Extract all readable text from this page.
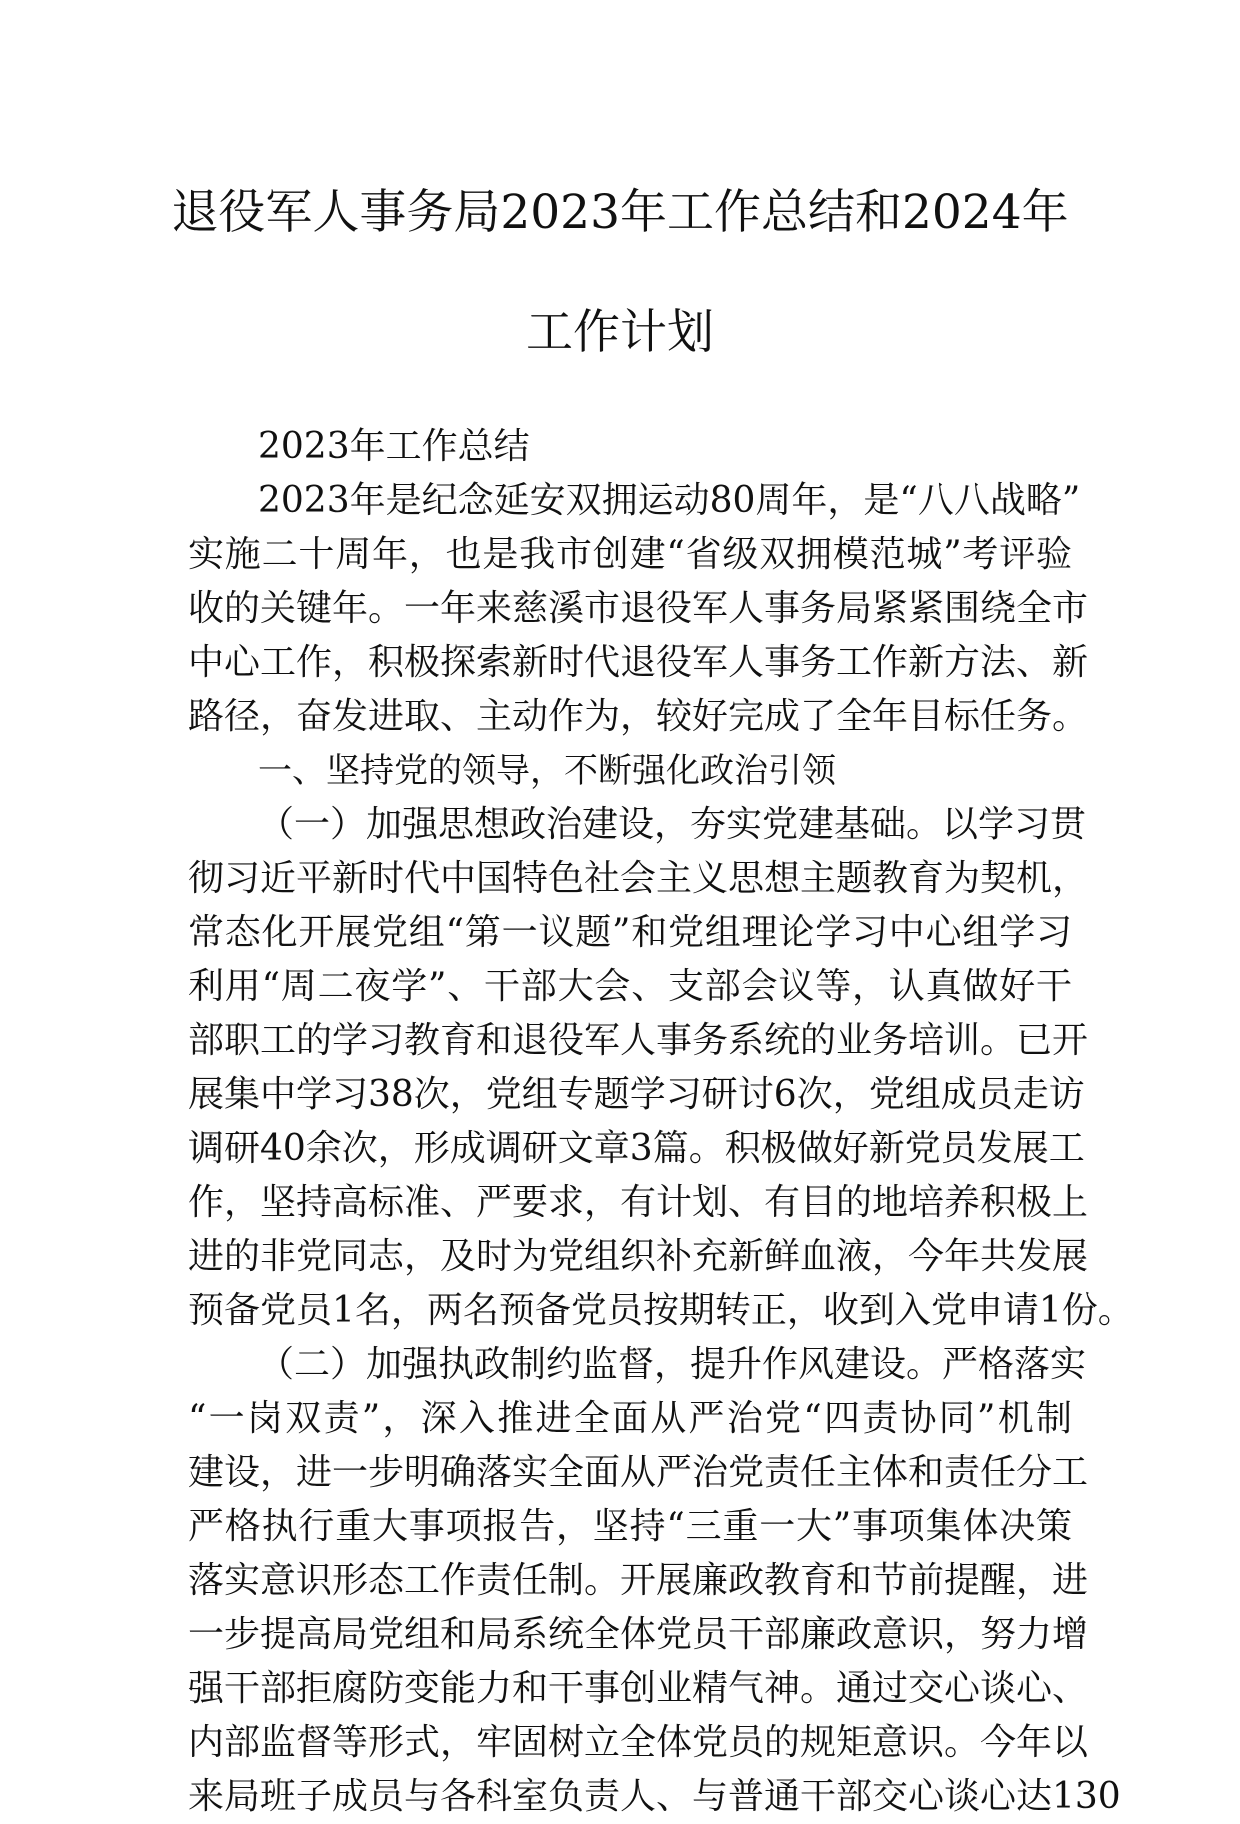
退役军人事务局2023年工作总结和2024年
工作计划
2023年工作总结
2023年是纪念延安双拥运动80周年，是“八八战略”
实施二十周年，也是我市创建“省级双拥模范城”考评验
收的关键年。一年来慈溪市退役军人事务局紧紧围绕全市
中心工作，积极探索新时代退役军人事务工作新方法、新
路径，奋发进取、主动作为，较好完成了全年目标任务。
一、坚持党的领导，不断强化政治引领
（一）加强思想政治建设，夯实党建基础。以学习贯
彻习近平新时代中国特色社会主义思想主题教育为契机，
常态化开展党组“第一议题”和党组理论学习中心组学习
利用“周二夜学”、干部大会、支部会议等，认真做好干
部职工的学习教育和退役军人事务系统的业务培训。已开
展集中学习38次，党组专题学习研讨6次，党组成员走访
调研40余次，形成调研文章3篇。积极做好新党员发展工
作，坚持高标准、严要求，有计划、有目的地培养积极上
进的非党同志，及时为党组织补充新鲜血液，今年共发展
预备党员1名，两名预备党员按期转正，收到入党申请1份。
（二）加强执政制约监督，提升作风建设。严格落实
“一岗双责”，深入推进全面从严治党“四责协同”机制
建设，进一步明确落实全面从严治党责任主体和责任分工
严格执行重大事项报告，坚持“三重一大”事项集体决策
落实意识形态工作责任制。开展廉政教育和节前提醒，进
一步提高局党组和局系统全体党员干部廉政意识，努力增
强干部拒腐防变能力和干事创业精气神。通过交心谈心、
内部监督等形式，牢固树立全体党员的规矩意识。今年以
来局班子成员与各科室负责人、与普通干部交心谈心达130
